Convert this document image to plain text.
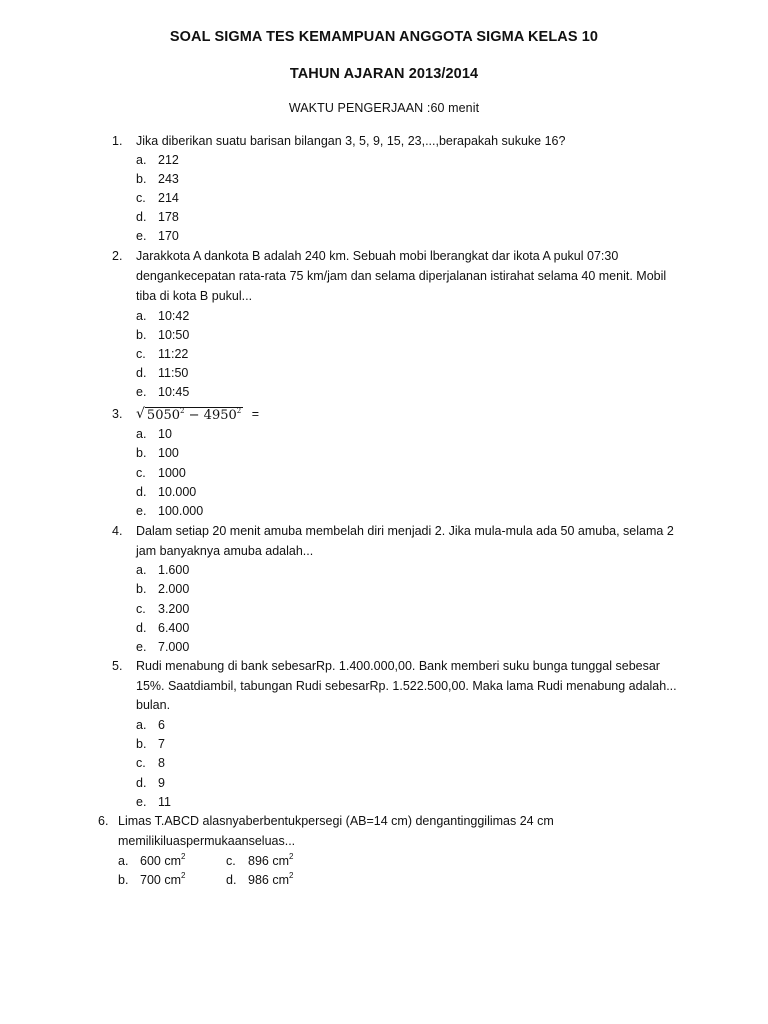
SOAL SIGMA TES KEMAMPUAN ANGGOTA SIGMA KELAS 10
TAHUN AJARAN 2013/2014
WAKTU PENGERJAAN :60 menit
1. Jika diberikan suatu barisan bilangan 3, 5, 9, 15, 23,...,berapakah sukuke 16?
a. 212
b. 243
c. 214
d. 178
e. 170
2. Jarakkota A dankota B adalah 240 km. Sebuah mobi lberangkat dar ikota A pukul 07:30
dengankecepatan rata-rata 75 km/jam dan selama diperjalanan istirahat selama 40 menit. Mobil
tiba di kota B pukul...
a. 10:42
b. 10:50
c. 11:22
d. 11:50
e. 10:45
3. √ $5050^2 - 4950^2$ =
a. 10
b. 100
c. 1000
d. 10.000
e. 100.000
4. Dalam setiap 20 menit amuba membelah diri menjadi 2. Jika mula-mula ada 50 amuba, selama 2
jam banyaknya amuba adalah...
a. 1.600
b. 2.000
c. 3.200
d. 6.400
e. 7.000
5. Rudi menabung di bank sebesarRp. 1.400.000,00. Bank memberi suku bunga tunggal sebesar
15%. Saatdiambil, tabungan Rudi sebesarRp. 1.522.500,00. Maka lama Rudi menabung adalah...
bulan.
a. 6
b. 7
c. 8
d. 9
e. 11
6. Limas T.ABCD alasnyaberbentukpersegi (AB=14 cm) dengantinggilimas 24 cm
memilikiluaspermukaanseluas...
a. 600 $cm^2$	c. 896 $cm^2$
b. 700 $cm^2$	d. 986 $cm^2$
